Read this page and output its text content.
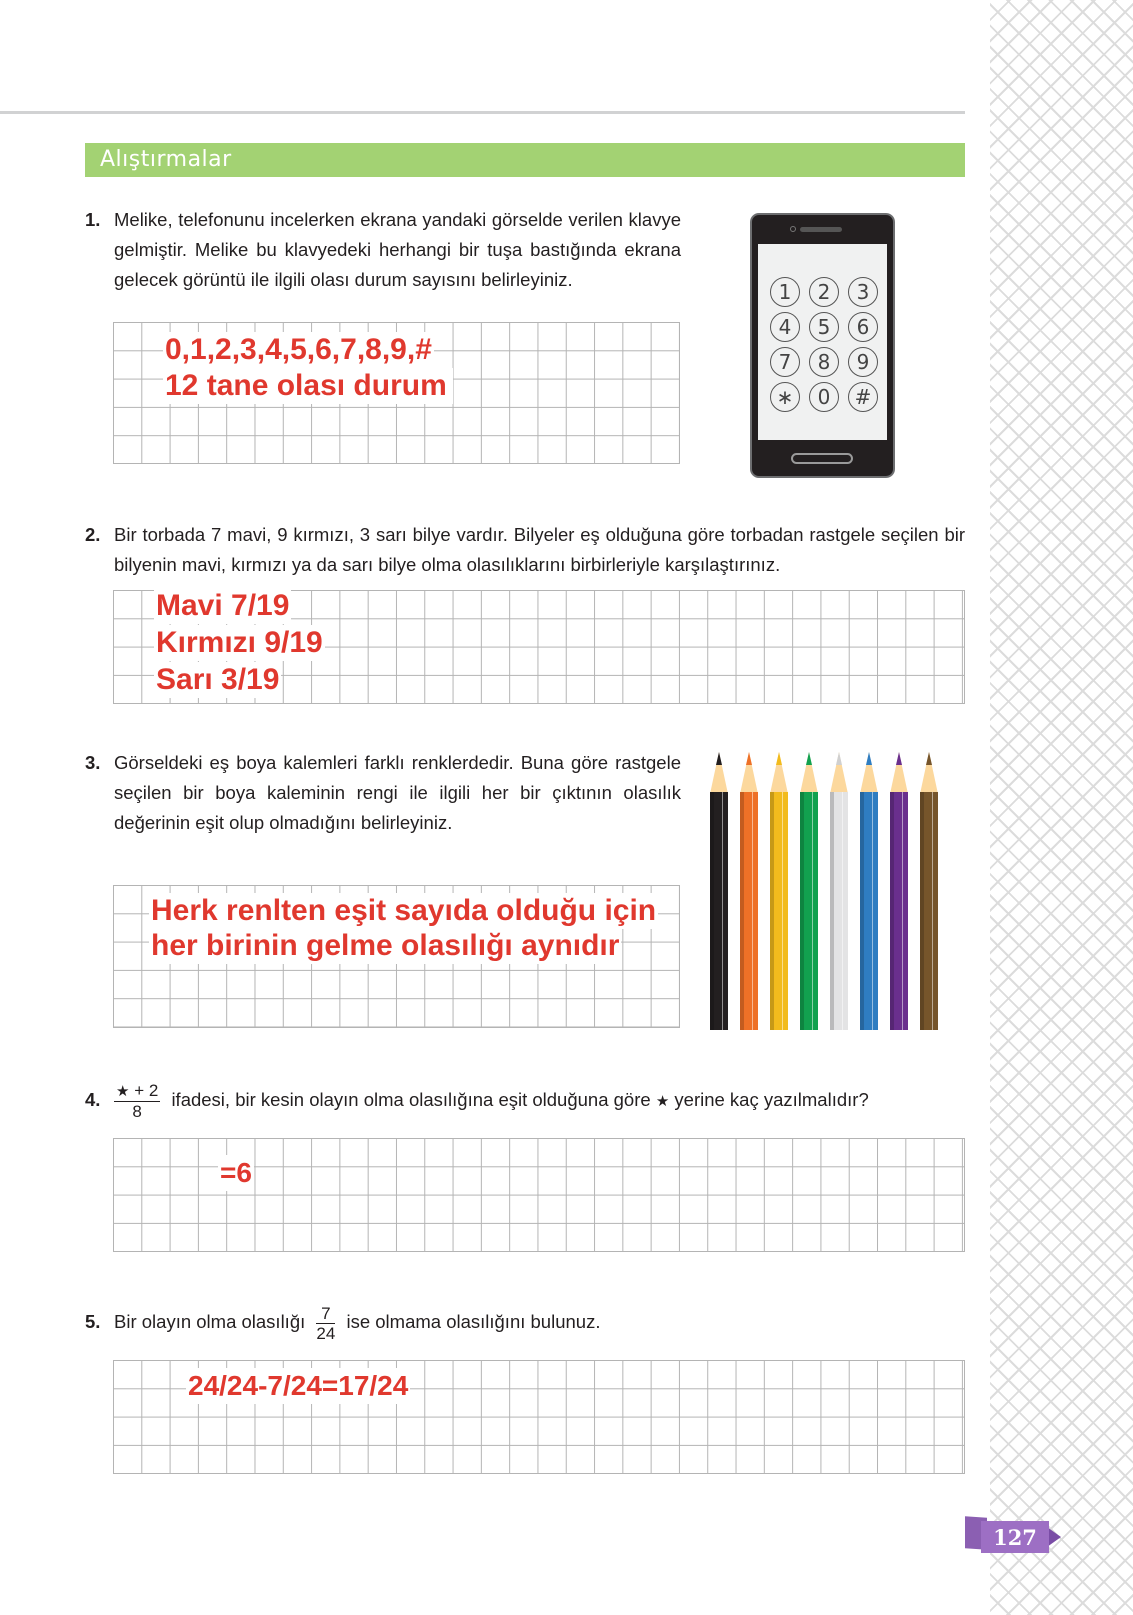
Alıştırmalar
1. Melike, telefonunu incelerken ekrana yandaki görselde verilen klavye gelmiştir. Melike bu klavyedeki herhangi bir tuşa bastığında ekrana gelecek görüntü ile ilgili olası durum sayısını belirleyiniz.
0,1,2,3,4,5,6,7,8,9,#
12 tane olası durum
1	2	3
4	5	6
7	8	9
∗	0	#
2. Bir torbada 7 mavi, 9 kırmızı, 3 sarı bilye vardır. Bilyeler eş olduğuna göre torbadan rastgele seçilen bir bilyenin mavi, kırmızı ya da sarı bilye olma olasılıklarını birbirleriyle karşılaştırınız.
Mavi 7/19
Kırmızı 9/19
Sarı 3/19
3. Görseldeki eş boya kalemleri farklı renklerdedir. Buna göre rastgele seçilen bir boya kaleminin rengi ile ilgili her bir çıktının olasılık değerinin eşit olup olmadığını belirleyiniz.
Herk renlten eşit sayıda olduğu için
her birinin gelme olasılığı aynıdır
4. $\frac{★ + 2}{8}$ ifadesi, bir kesin olayın olma olasılığına eşit olduğuna göre ★ yerine kaç yazılmalıdır?
=6
5. Bir olayın olma olasılığı $\frac{7}{24}$ ise olmama olasılığını bulunuz.
24/24-7/24=17/24
127
